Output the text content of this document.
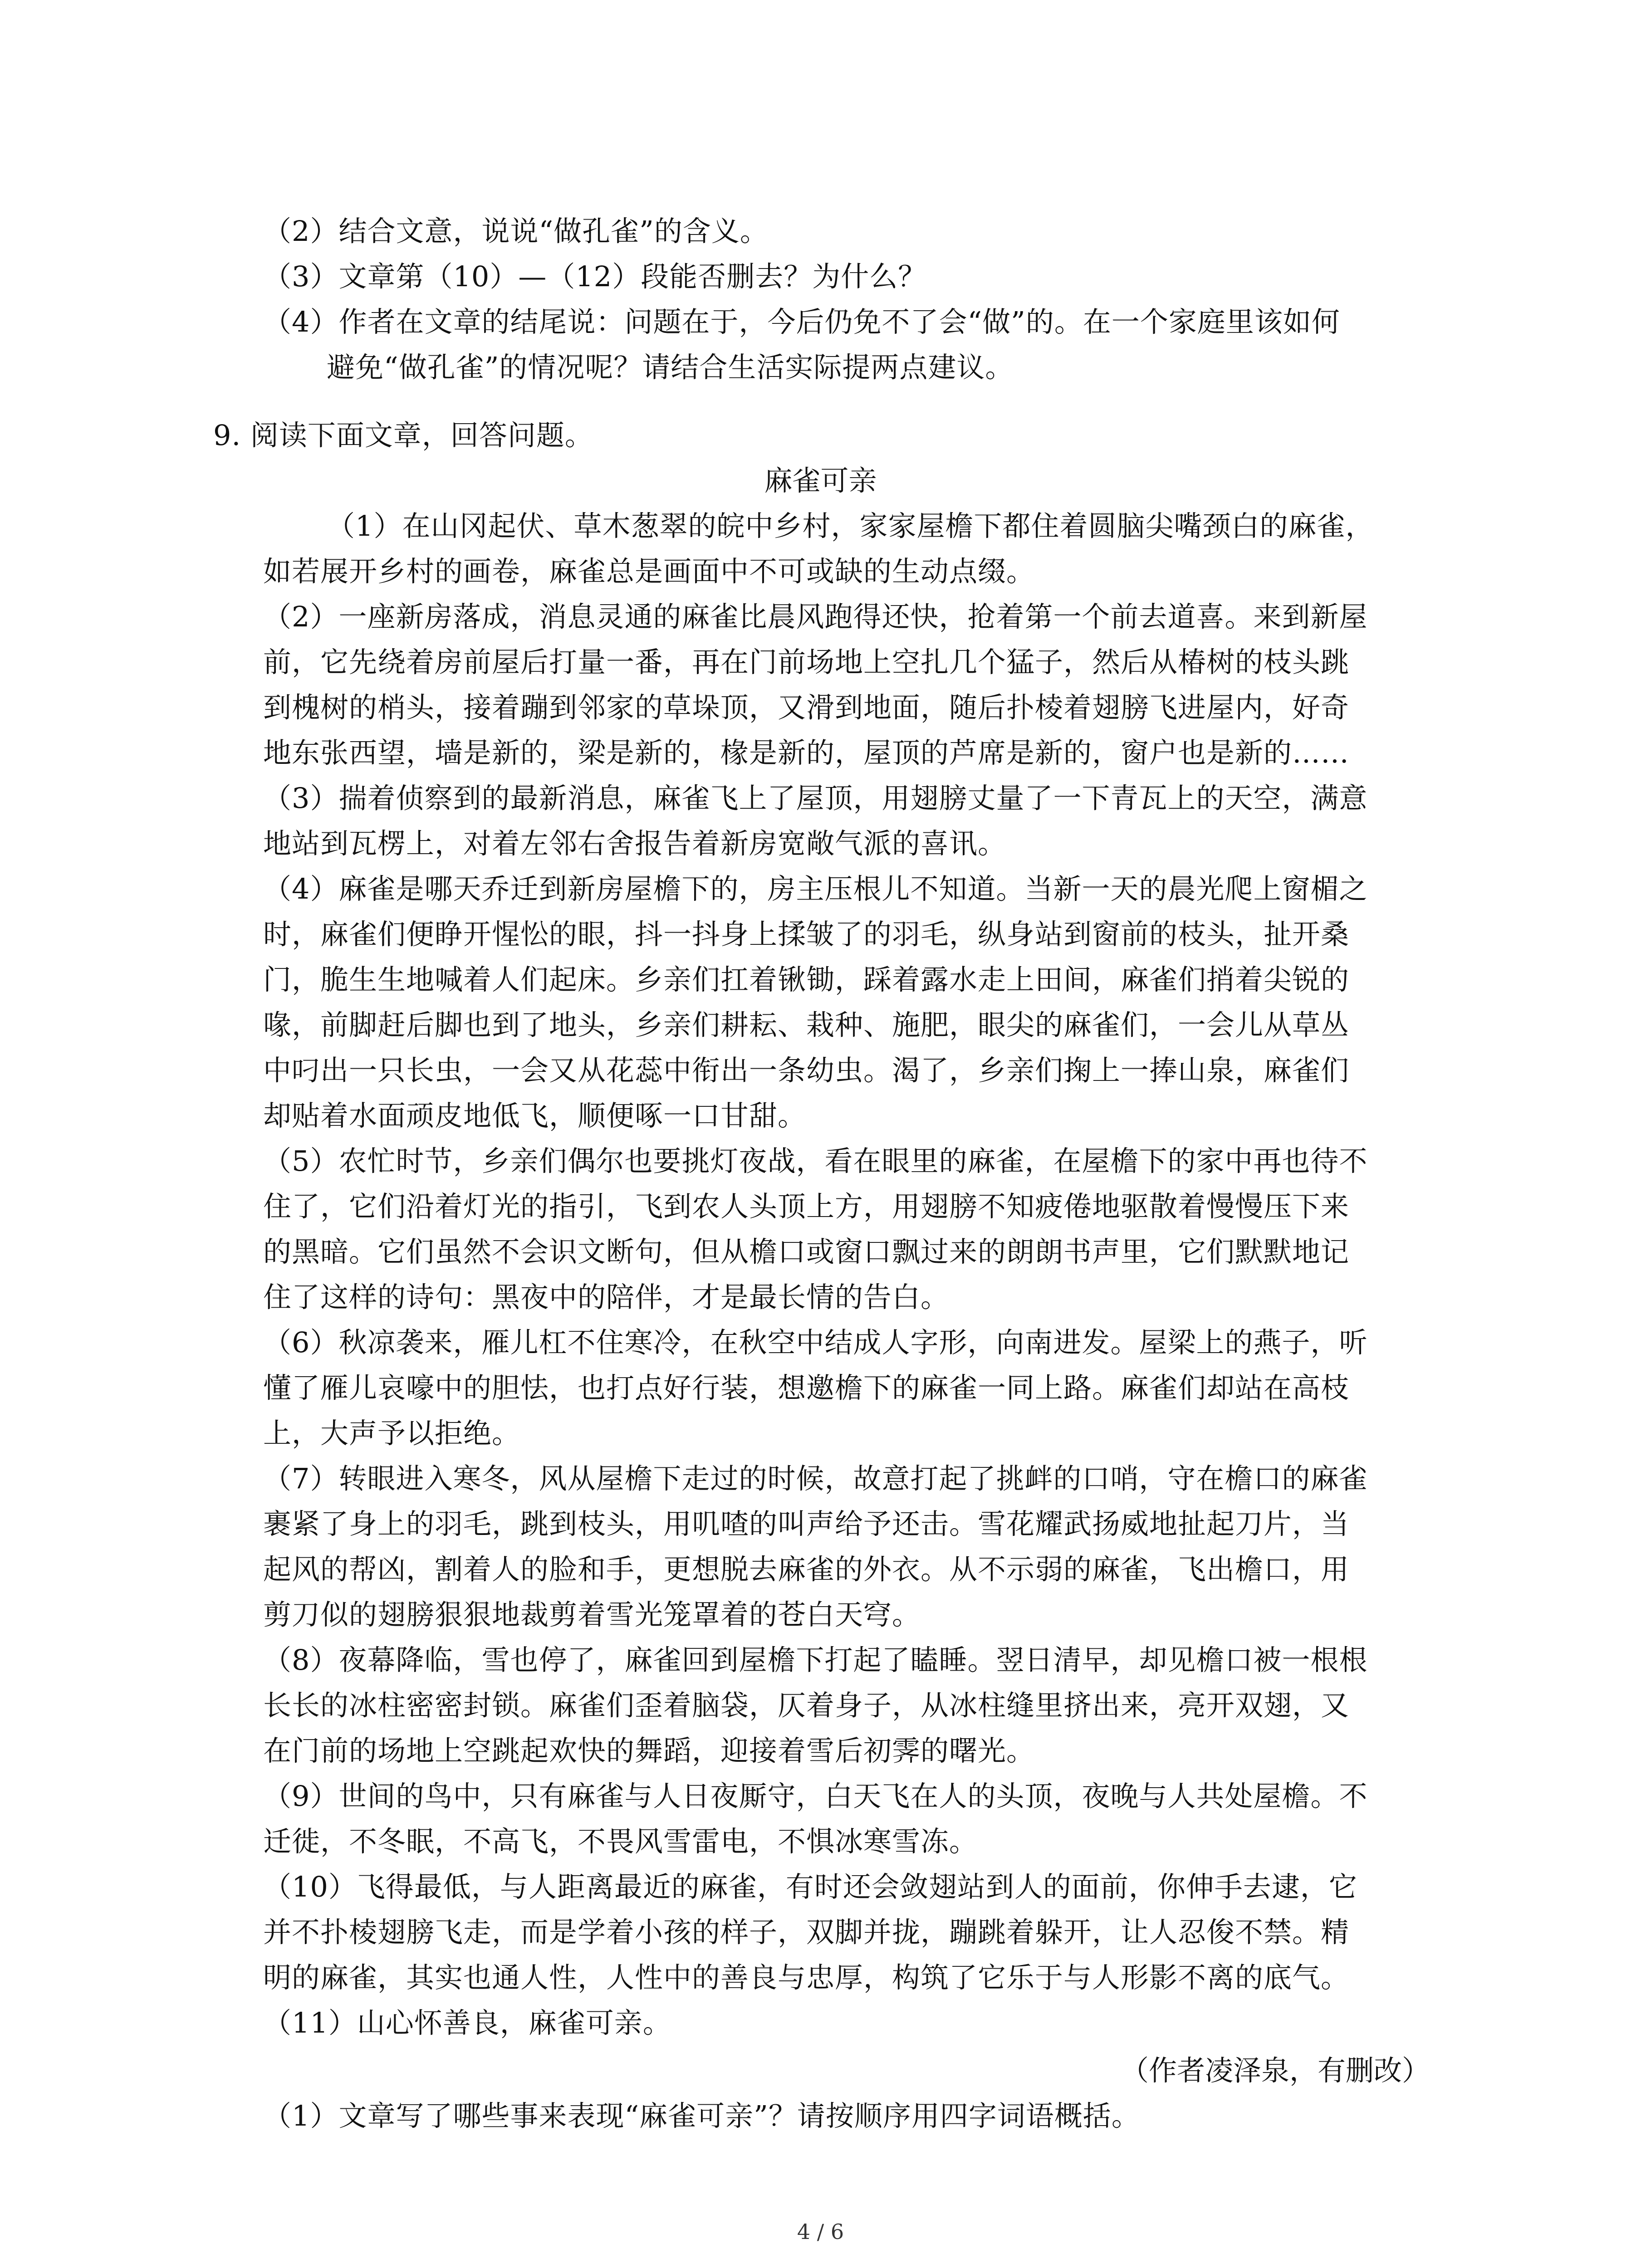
（2）结合文意，说说“做孔雀”的含义。
（3）文章第（10）—（12）段能否删去？为什么？
（4）作者在文章的结尾说：问题在于，今后仍免不了会“做”的。在一个家庭里该如何
避免“做孔雀”的情况呢？请结合生活实际提两点建议。
9. 阅读下面文章，回答问题。
麻雀可亲
（1）在山冈起伏、草木葱翠的皖中乡村，家家屋檐下都住着圆脑尖嘴颈白的麻雀，
如若展开乡村的画卷，麻雀总是画面中不可或缺的生动点缀。
（2）一座新房落成，消息灵通的麻雀比晨风跑得还快，抢着第一个前去道喜。来到新屋
前，它先绕着房前屋后打量一番，再在门前场地上空扎几个猛子，然后从椿树的枝头跳
到槐树的梢头，接着蹦到邻家的草垛顶，又滑到地面，随后扑棱着翅膀飞进屋内，好奇
地东张西望，墙是新的，梁是新的，椽是新的，屋顶的芦席是新的，窗户也是新的……
（3）揣着侦察到的最新消息，麻雀飞上了屋顶，用翅膀丈量了一下青瓦上的天空，满意
地站到瓦楞上，对着左邻右舍报告着新房宽敞气派的喜讯。
（4）麻雀是哪天乔迁到新房屋檐下的，房主压根儿不知道。当新一天的晨光爬上窗楣之
时，麻雀们便睁开惺忪的眼，抖一抖身上揉皱了的羽毛，纵身站到窗前的枝头，扯开桑
门，脆生生地喊着人们起床。乡亲们扛着锹锄，踩着露水走上田间，麻雀们捎着尖锐的
喙，前脚赶后脚也到了地头，乡亲们耕耘、栽种、施肥，眼尖的麻雀们，一会儿从草丛
中叼出一只长虫，一会又从花蕊中衔出一条幼虫。渴了，乡亲们掬上一捧山泉，麻雀们
却贴着水面顽皮地低飞，顺便啄一口甘甜。
（5）农忙时节，乡亲们偶尔也要挑灯夜战，看在眼里的麻雀，在屋檐下的家中再也待不
住了，它们沿着灯光的指引，飞到农人头顶上方，用翅膀不知疲倦地驱散着慢慢压下来
的黑暗。它们虽然不会识文断句，但从檐口或窗口飘过来的朗朗书声里，它们默默地记
住了这样的诗句：黑夜中的陪伴，才是最长情的告白。
（6）秋凉袭来，雁儿杠不住寒冷，在秋空中结成人字形，向南进发。屋梁上的燕子，听
懂了雁儿哀嚎中的胆怯，也打点好行装，想邀檐下的麻雀一同上路。麻雀们却站在高枝
上，大声予以拒绝。
（7）转眼进入寒冬，风从屋檐下走过的时候，故意打起了挑衅的口哨，守在檐口的麻雀
裹紧了身上的羽毛，跳到枝头，用叽喳的叫声给予还击。雪花耀武扬威地扯起刀片，当
起风的帮凶，割着人的脸和手，更想脱去麻雀的外衣。从不示弱的麻雀，飞出檐口，用
剪刀似的翅膀狠狠地裁剪着雪光笼罩着的苍白天穹。
（8）夜幕降临，雪也停了，麻雀回到屋檐下打起了瞌睡。翌日清早，却见檐口被一根根
长长的冰柱密密封锁。麻雀们歪着脑袋，仄着身子，从冰柱缝里挤出来，亮开双翅，又
在门前的场地上空跳起欢快的舞蹈，迎接着雪后初霁的曙光。
（9）世间的鸟中，只有麻雀与人日夜厮守，白天飞在人的头顶，夜晚与人共处屋檐。不
迁徙，不冬眠，不高飞，不畏风雪雷电，不惧冰寒雪冻。
（10）飞得最低，与人距离最近的麻雀，有时还会敛翅站到人的面前，你伸手去逮，它
并不扑棱翅膀飞走，而是学着小孩的样子，双脚并拢，蹦跳着躲开，让人忍俊不禁。精
明的麻雀，其实也通人性，人性中的善良与忠厚，构筑了它乐于与人形影不离的底气。
（11）山心怀善良，麻雀可亲。
（作者凌泽泉，有删改）
（1）文章写了哪些事来表现“麻雀可亲”？请按顺序用四字词语概括。
4 / 6
